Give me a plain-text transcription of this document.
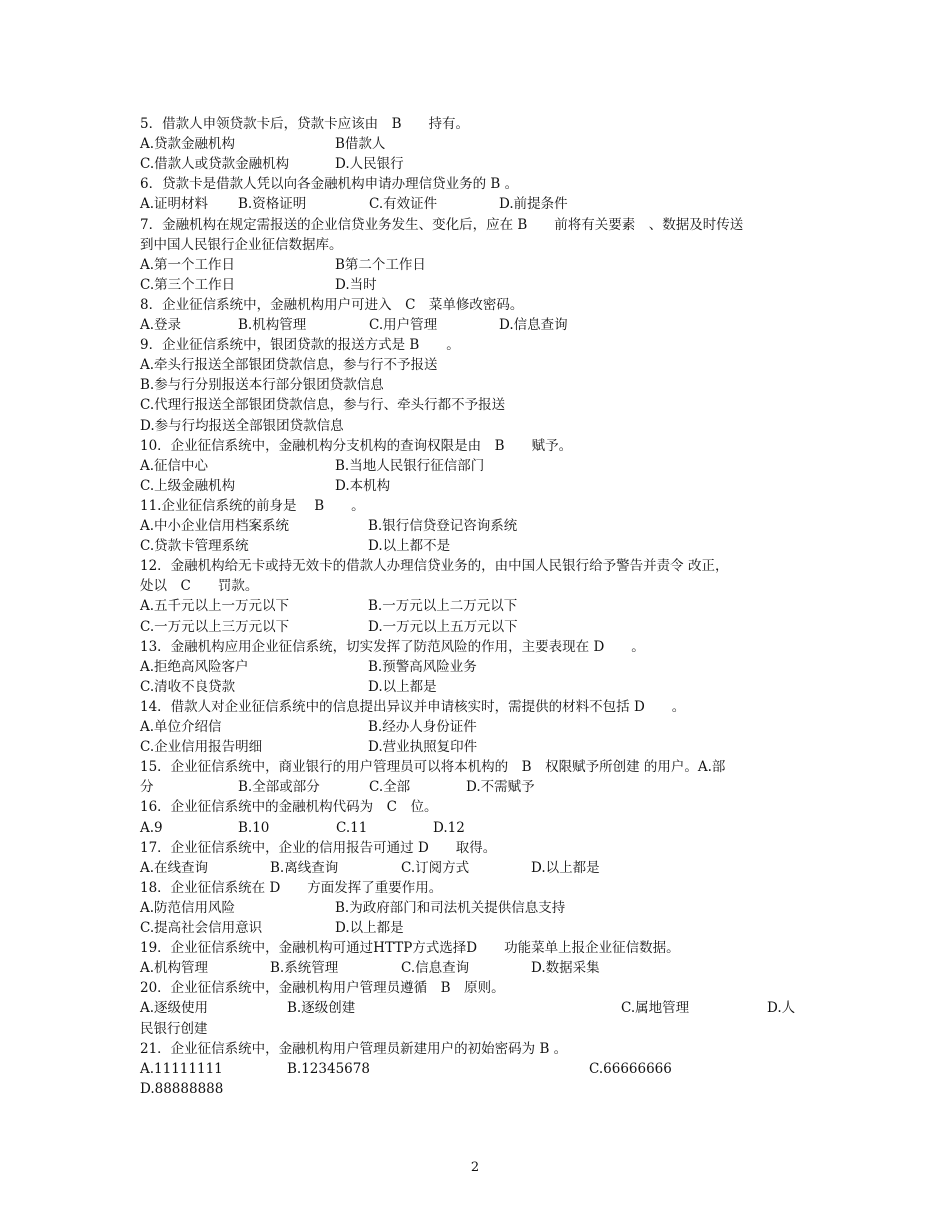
5．借款人申领贷款卡后，贷款卡应该由　B　　持有。
A.贷款金融机构	B借款人
C.借款人或贷款金融机构	D.人民银行
6．贷款卡是借款人凭以向各金融机构申请办理信贷业务的 B 。
A.证明材料 B.资格证明	C.有效证件	D.前提条件
7．金融机构在规定需报送的企业信贷业务发生、变化后，应在 B　　前将有关要素　、数据及时传送
到中国人民银行企业征信数据库。
A.第一个工作日	B第二个工作日
C.第三个工作日	D.当时
8．企业征信系统中，金融机构用户可进入　C　菜单修改密码。
A.登录	B.机构管理	C.用户管理	D.信息查询
9．企业征信系统中，银团贷款的报送方式是 B　　。
A.牵头行报送全部银团贷款信息，参与行不予报送
B.参与行分别报送本行部分银团贷款信息
C.代理行报送全部银团贷款信息，参与行、牵头行都不予报送
D.参与行均报送全部银团贷款信息
10．企业征信系统中，金融机构分支机构的查询权限是由　B　　赋予。
A.征信中心	B.当地人民银行征信部门
C.上级金融机构	D.本机构
11.企业征信系统的前身是　 B　　。
A.中小企业信用档案系统	B.银行信贷登记咨询系统
C.贷款卡管理系统	D.以上都不是
12．金融机构给无卡或持无效卡的借款人办理信贷业务的，由中国人民银行给予警告并责令 改正，
处以　C　　罚款。
A.五千元以上一万元以下	B.一万元以上二万元以下
C.一万元以上三万元以下	D.一万元以上五万元以下
13．金融机构应用企业征信系统，切实发挥了防范风险的作用，主要表现在 D　　。
A.拒绝高风险客户	B.预警高风险业务
C.清收不良贷款	D.以上都是
14．借款人对企业征信系统中的信息提出异议并申请核实时，需提供的材料不包括 D　　。
A.单位介绍信	B.经办人身份证件
C.企业信用报告明细	D.营业执照复印件
15．企业征信系统中，商业银行的用户管理员可以将本机构的　B　权限赋予所创建 的用户。A.部
分	B.全部或部分	C.全部	D.不需赋予
16．企业征信系统中的金融机构代码为　C　位。
A.9	B.10	C.11	D.12
17．企业征信系统中，企业的信用报告可通过 D　　取得。
A.在线查询	B.离线查询	C.订阅方式	D.以上都是
18．企业征信系统在 D　　方面发挥了重要作用。
A.防范信用风险	B.为政府部门和司法机关提供信息支持
C.提高社会信用意识	D.以上都是
19．企业征信系统中，金融机构可通过HTTP方式选择D　　功能菜单上报企业征信数据。
A.机构管理	B.系统管理	C.信息查询	D.数据采集
20．企业征信系统中，金融机构用户管理员遵循　B　原则。
A.逐级使用	B.逐级创建	C.属地管理	D.人
民银行创建
21．企业征信系统中，金融机构用户管理员新建用户的初始密码为 B 。
A.11111111	B.12345678	C.66666666
D.88888888
2
